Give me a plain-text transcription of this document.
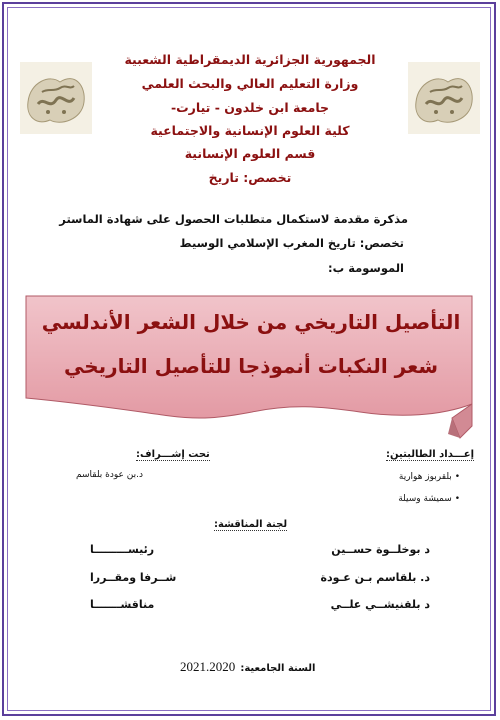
الجمهورية الجزائرية الديمقراطية الشعبية
وزارة التعليم العالي والبحث العلمي
جامعة ابن خلدون - تيارت-
كلية العلوم الإنسانية والاجتماعية
قسم العلوم الإنسانية
تخصص: تاريخ
مذكرة مقدمة لاستكمال متطلبات الحصول على شهادة الماستر
تخصص: تاريخ المغرب الإسلامي الوسيط
الموسومة ب:
التأصيل التاريخي من خلال الشعر الأندلسي
شعر النكبات أنموذجا للتأصيل التاريخي
إعـــداد الطالبتين:
• بلقربوز هوارية
• سميشة وسيلة
تحت إشـــراف:
د.بن عودة بلقاسم
لجنة المناقشة:
د بوخلــوة حســين
رئيســـــــــا
د. بلقاسم بـن عـودة
شــرفا ومقــررا
د بلقنيشــي علــي
مناقشـــــــا
السنة الجامعية: 2021.2020
